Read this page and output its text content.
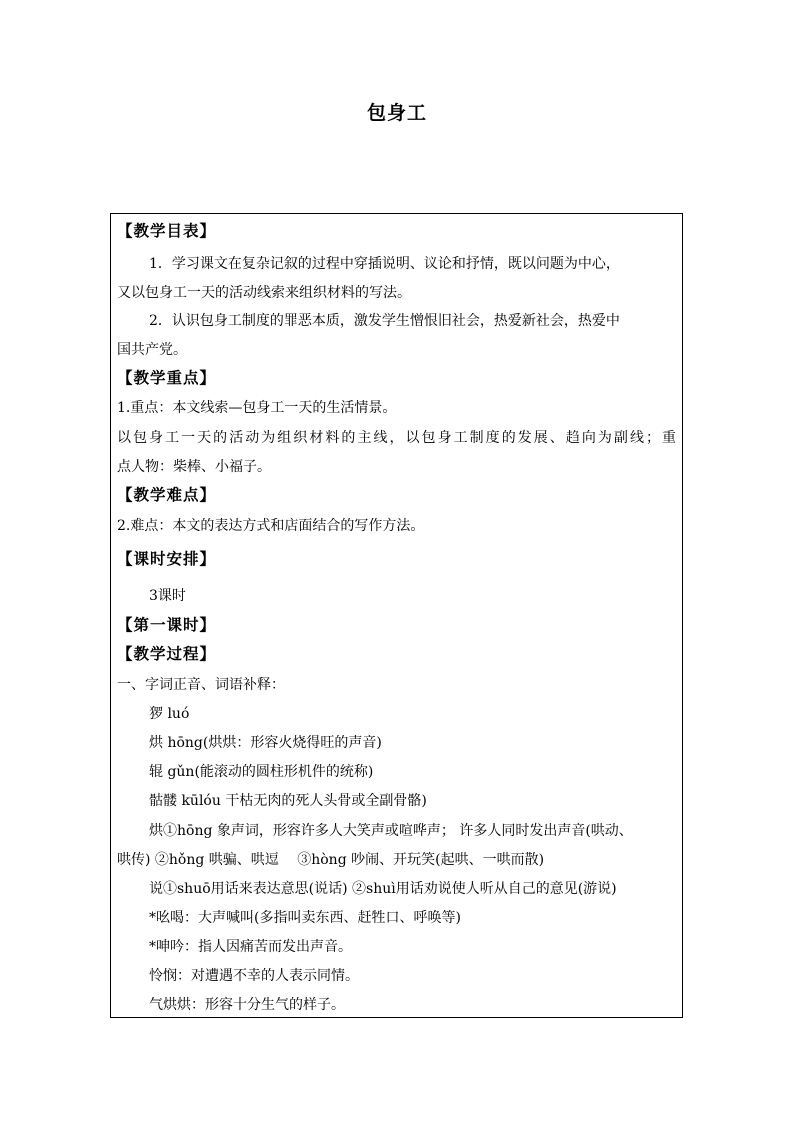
包身工
【教学目表】
1．学习课文在复杂记叙的过程中穿插说明、议论和抒情，既以问题为中心，
又以包身工一天的活动线索来组织材料的写法。
2．认识包身工制度的罪恶本质，激发学生憎恨旧社会，热爱新社会，热爱中
国共产党。
【教学重点】
1.重点：本文线索—包身工一天的生活情景。
以包身工一天的活动为组织材料的主线，以包身工制度的发展、趋向为副线；重
点人物：柴棒、小福子。
【教学难点】
2.难点：本文的表达方式和店面结合的写作方法。
【课时安排】
3课时
【第一课时】
【教学过程】
一、字词正音、词语补释：
猡 luó
烘 hōng(烘烘：形容火烧得旺的声音)
辊 gǔn(能滚动的圆柱形机件的统称)
骷髅 kūlóu 干枯无肉的死人头骨或全副骨骼)
烘①hōng 象声词，形容许多人大笑声或喧哗声； 许多人同时发出声音(哄动、
哄传) ②hǒng 哄骗、哄逗　 ③hòng 吵闹、开玩笑(起哄、一哄而散)
说①shuō用话来表达意思(说话) ②shuì用话劝说使人听从自己的意见(游说)
*吆喝：大声喊叫(多指叫卖东西、赶牲口、呼唤等)
*呻吟：指人因痛苦而发出声音。
怜悯：对遭遇不幸的人表示同情。
气烘烘：形容十分生气的样子。
